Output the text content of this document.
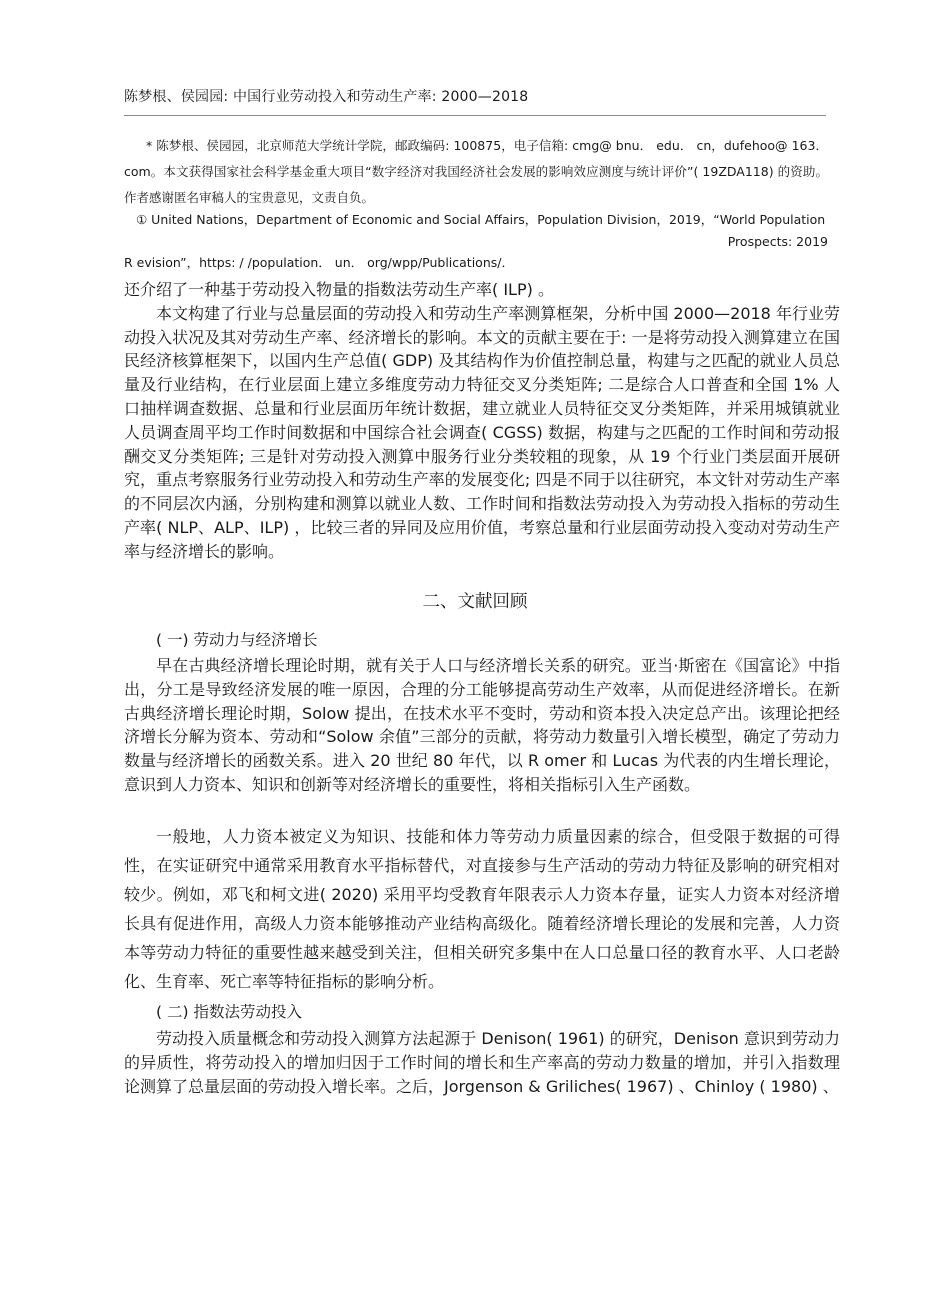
陈梦根、侯园园: 中国行业劳动投入和劳动生产率: 2000—2018
* 陈梦根、侯园园，北京师范大学统计学院，邮政编码: 100875，电子信箱: cmg@ bnu． edu． cn，dufehoo@ 163． com。本文获得国家社会科学基金重大项目“数字经济对我国经济社会发展的影响效应测度与统计评价”( 19ZDA118) 的资助。作者感谢匿名审稿人的宝贵意见，文责自负。
① United Nations，Department of Economic and Social Affairs，Population Division，2019，“World Population
Prospects: 2019
R evision”，https: / /population． un． org/wpp/Publications/．

还介绍了一种基于劳动投入物量的指数法劳动生产率( ILP) 。

本文构建了行业与总量层面的劳动投入和劳动生产率测算框架，分析中国 2000—2018 年行业劳动投入状况及其对劳动生产率、经济增长的影响。本文的贡献主要在于: 一是将劳动投入测算建立在国民经济核算框架下，以国内生产总值( GDP) 及其结构作为价值控制总量，构建与之匹配的就业人员总量及行业结构，在行业层面上建立多维度劳动力特征交叉分类矩阵; 二是综合人口普查和全国 1% 人口抽样调查数据、总量和行业层面历年统计数据，建立就业人员特征交叉分类矩阵，并采用城镇就业人员调查周平均工作时间数据和中国综合社会调查( CGSS) 数据，构建与之匹配的工作时间和劳动报酬交叉分类矩阵; 三是针对劳动投入测算中服务行业分类较粗的现象，从 19 个行业门类层面开展研究，重点考察服务行业劳动投入和劳动生产率的发展变化; 四是不同于以往研究，本文针对劳动生产率的不同层次内涵，分别构建和测算以就业人数、工作时间和指数法劳动投入为劳动投入指标的劳动生产率( NLP、ALP、ILP) ，比较三者的异同及应用价值，考察总量和行业层面劳动投入变动对劳动生产率与经济增长的影响。

二、文献回顾
( 一) 劳动力与经济增长

早在古典经济增长理论时期，就有关于人口与经济增长关系的研究。亚当·斯密在《国富论》中指出，分工是导致经济发展的唯一原因，合理的分工能够提高劳动生产效率，从而促进经济增长。在新古典经济增长理论时期，Solow 提出，在技术水平不变时，劳动和资本投入决定总产出。该理论把经济增长分解为资本、劳动和“Solow 余值”三部分的贡献，将劳动力数量引入增长模型，确定了劳动力数量与经济增长的函数关系。进入 20 世纪 80 年代，以 R omer 和 Lucas 为代表的内生增长理论，意识到人力资本、知识和创新等对经济增长的重要性，将相关指标引入生产函数。

一般地，人力资本被定义为知识、技能和体力等劳动力质量因素的综合，但受限于数据的可得性，在实证研究中通常采用教育水平指标替代，对直接参与生产活动的劳动力特征及影响的研究相对较少。例如，邓飞和柯文进( 2020) 采用平均受教育年限表示人力资本存量，证实人力资本对经济增长具有促进作用，高级人力资本能够推动产业结构高级化。随着经济增长理论的发展和完善，人力资本等劳动力特征的重要性越来越受到关注，但相关研究多集中在人口总量口径的教育水平、人口老龄化、生育率、死亡率等特征指标的影响分析。

( 二) 指数法劳动投入

劳动投入质量概念和劳动投入测算方法起源于 Denison( 1961) 的研究，Denison 意识到劳动力的异质性，将劳动投入的增加归因于工作时间的增长和生产率高的劳动力数量的增加，并引入指数理论测算了总量层面的劳动投入增长率。之后，Jorgenson & Griliches( 1967) 、Chinloy ( 1980) 、
